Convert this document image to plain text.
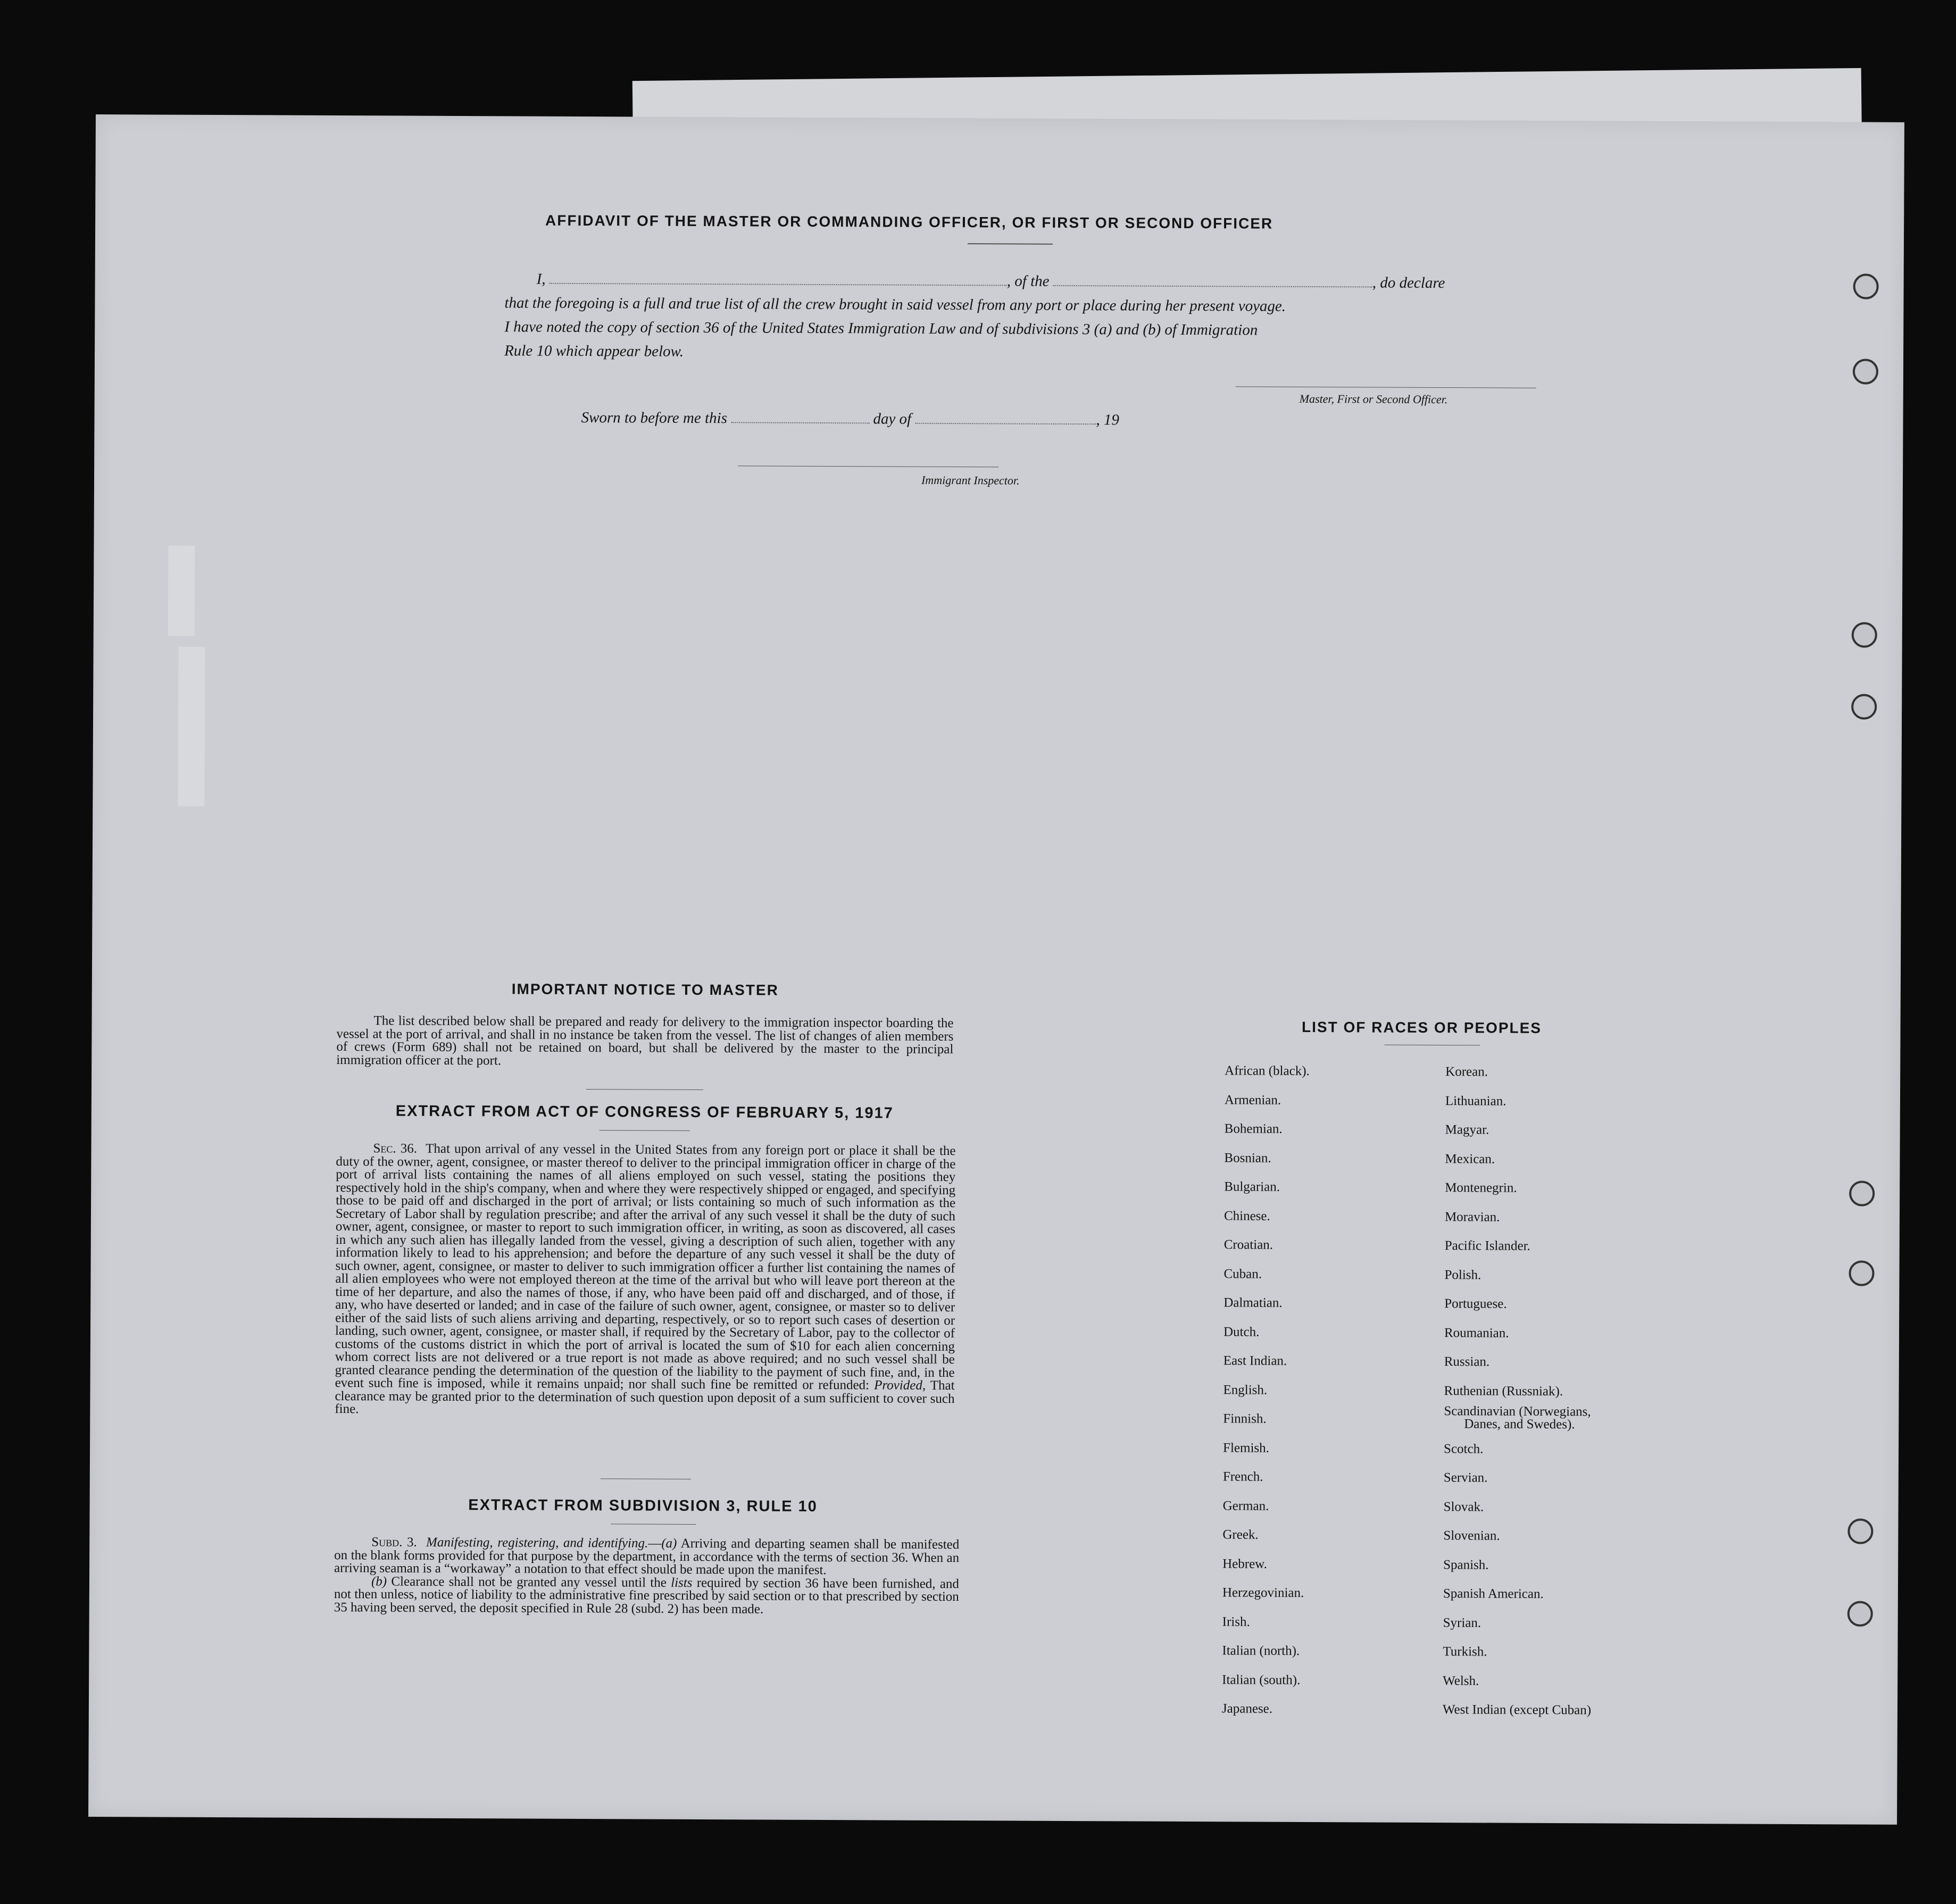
AFFIDAVIT OF THE MASTER OR COMMANDING OFFICER, OR FIRST OR SECOND OFFICER
I,	, of the	, do declare
that the foregoing is a full and true list of all the crew brought in said vessel from any port or place during her present voyage.
I have noted the copy of section 36 of the United States Immigration Law and of subdivisions 3 (a) and (b) of Immigration
Rule 10 which appear below.
Master, First or Second Officer.
Sworn to before me this	day of	, 19
Immigrant Inspector.
IMPORTANT NOTICE TO MASTER

The list described below shall be prepared and ready for delivery to the immigration inspector boarding the vessel at the port of arrival, and shall in no instance be taken from the vessel. The list of changes of alien members of crews (Form 689) shall not be retained on board, but shall be delivered by the master to the principal immigration officer at the port.

EXTRACT FROM ACT OF CONGRESS OF FEBRUARY 5, 1917

Sec. 36. That upon arrival of any vessel in the United States from any foreign port or place it shall be the duty of the owner, agent, consignee, or master thereof to deliver to the principal immigration officer in charge of the port of arrival lists containing the names of all aliens employed on such vessel, stating the positions they respectively hold in the ship's company, when and where they were respectively shipped or engaged, and specifying those to be paid off and discharged in the port of arrival; or lists containing so much of such information as the Secretary of Labor shall by regulation prescribe; and after the arrival of any such vessel it shall be the duty of such owner, agent, consignee, or master to report to such immigration officer, in writing, as soon as discovered, all cases in which any such alien has illegally landed from the vessel, giving a description of such alien, together with any information likely to lead to his apprehension; and before the departure of any such vessel it shall be the duty of such owner, agent, consignee, or master to deliver to such immigration officer a further list containing the names of all alien employees who were not employed thereon at the time of the arrival but who will leave port thereon at the time of her departure, and also the names of those, if any, who have been paid off and discharged, and of those, if any, who have deserted or landed; and in case of the failure of such owner, agent, consignee, or master so to deliver either of the said lists of such aliens arriving and departing, respectively, or so to report such cases of desertion or landing, such owner, agent, consignee, or master shall, if required by the Secretary of Labor, pay to the collector of customs of the customs district in which the port of arrival is located the sum of $10 for each alien concerning whom correct lists are not delivered or a true report is not made as above required; and no such vessel shall be granted clearance pending the determination of the question of the liability to the payment of such fine, and, in the event such fine is imposed, while it remains unpaid; nor shall such fine be remitted or refunded: Provided, That clearance may be granted prior to the determination of such question upon deposit of a sum sufficient to cover such fine.

EXTRACT FROM SUBDIVISION 3, RULE 10

Subd. 3. Manifesting, registering, and identifying.—(a) Arriving and departing seamen shall be manifested on the blank forms provided for that purpose by the department, in accordance with the terms of section 36. When an arriving seaman is a “workaway” a notation to that effect should be made upon the manifest.

(b) Clearance shall not be granted any vessel until the lists required by section 36 have been furnished, and not then unless, notice of liability to the administrative fine prescribed by said section or to that prescribed by section 35 having been served, the deposit specified in Rule 28 (subd. 2) has been made.

LIST OF RACES OR PEOPLES
African (black).
Armenian.
Bohemian.
Bosnian.
Bulgarian.
Chinese.
Croatian.
Cuban.
Dalmatian.
Dutch.
East Indian.
English.
Finnish.
Flemish.
French.
German.
Greek.
Hebrew.
Herzegovinian.
Irish.
Italian (north).
Italian (south).
Japanese.
Korean.
Lithuanian.
Magyar.
Mexican.
Montenegrin.
Moravian.
Pacific Islander.
Polish.
Portuguese.
Roumanian.
Russian.
Ruthenian (Russniak).
Scandinavian (Norwegians,
Danes, and Swedes).
Scotch.
Servian.
Slovak.
Slovenian.
Spanish.
Spanish American.
Syrian.
Turkish.
Welsh.
West Indian (except Cuban)
